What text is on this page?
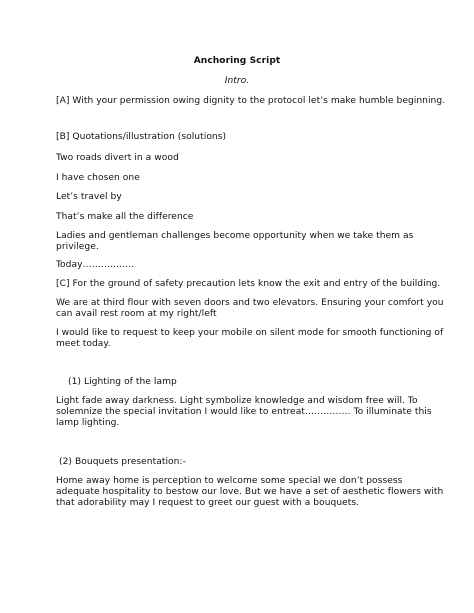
Anchoring Script
Intro.
[A] With your permission owing dignity to the protocol let’s make humble beginning.
[B] Quotations/illustration (solutions)
Two roads divert in a wood
I have chosen one
Let’s travel by
That’s make all the difference
Ladies and gentleman challenges become opportunity when we take them as
privilege.
Today……………..
[C] For the ground of safety precaution lets know the exit and entry of the building.
We are at third flour with seven doors and two elevators. Ensuring your comfort you
can avail rest room at my right/left
I would like to request to keep your mobile on silent mode for smooth functioning of
meet today.
(1) Lighting of the lamp
Light fade away darkness. Light symbolize knowledge and wisdom free will. To
solemnize the special invitation I would like to entreat…………… To illuminate this
lamp lighting.
(2) Bouquets presentation:-
Home away home is perception to welcome some special we don’t possess
adequate hospitality to bestow our love. But we have a set of aesthetic flowers with
that adorability may I request to greet our guest with a bouquets.
